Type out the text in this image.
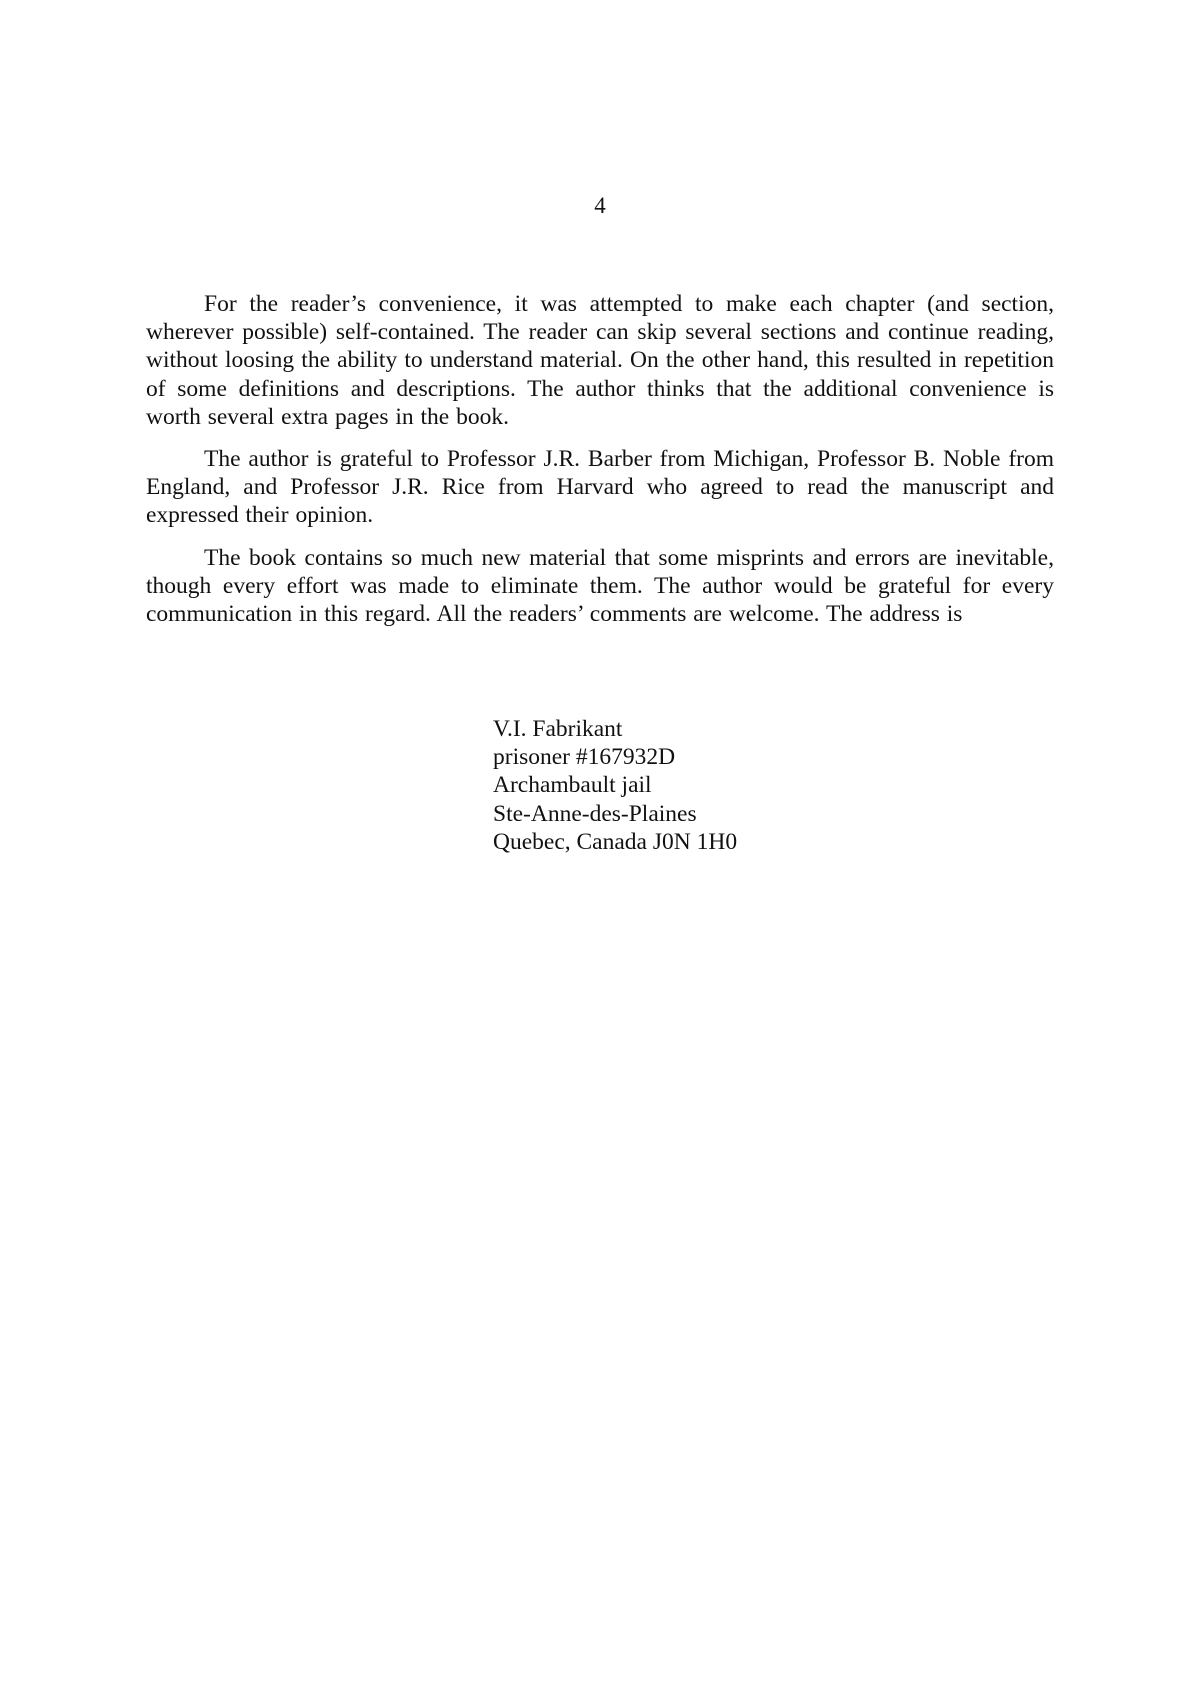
4

For the reader’s convenience, it was attempted to make each chapter (and section, wherever possible) self-contained. The reader can skip several sections and continue reading, without loosing the ability to understand material. On the other hand, this resulted in repetition of some definitions and descriptions. The author thinks that the additional convenience is worth several extra pages in the book.

The author is grateful to Professor J.R. Barber from Michigan, Professor B. Noble from England, and Professor J.R. Rice from Harvard who agreed to read the manuscript and expressed their opinion.

The book contains so much new material that some misprints and errors are inevitable, though every effort was made to eliminate them. The author would be grateful for every communication in this regard. All the readers’ comments are welcome. The address is

V.I. Fabrikant
prisoner #167932D
Archambault jail
Ste-Anne-des-Plaines
Quebec, Canada J0N 1H0
